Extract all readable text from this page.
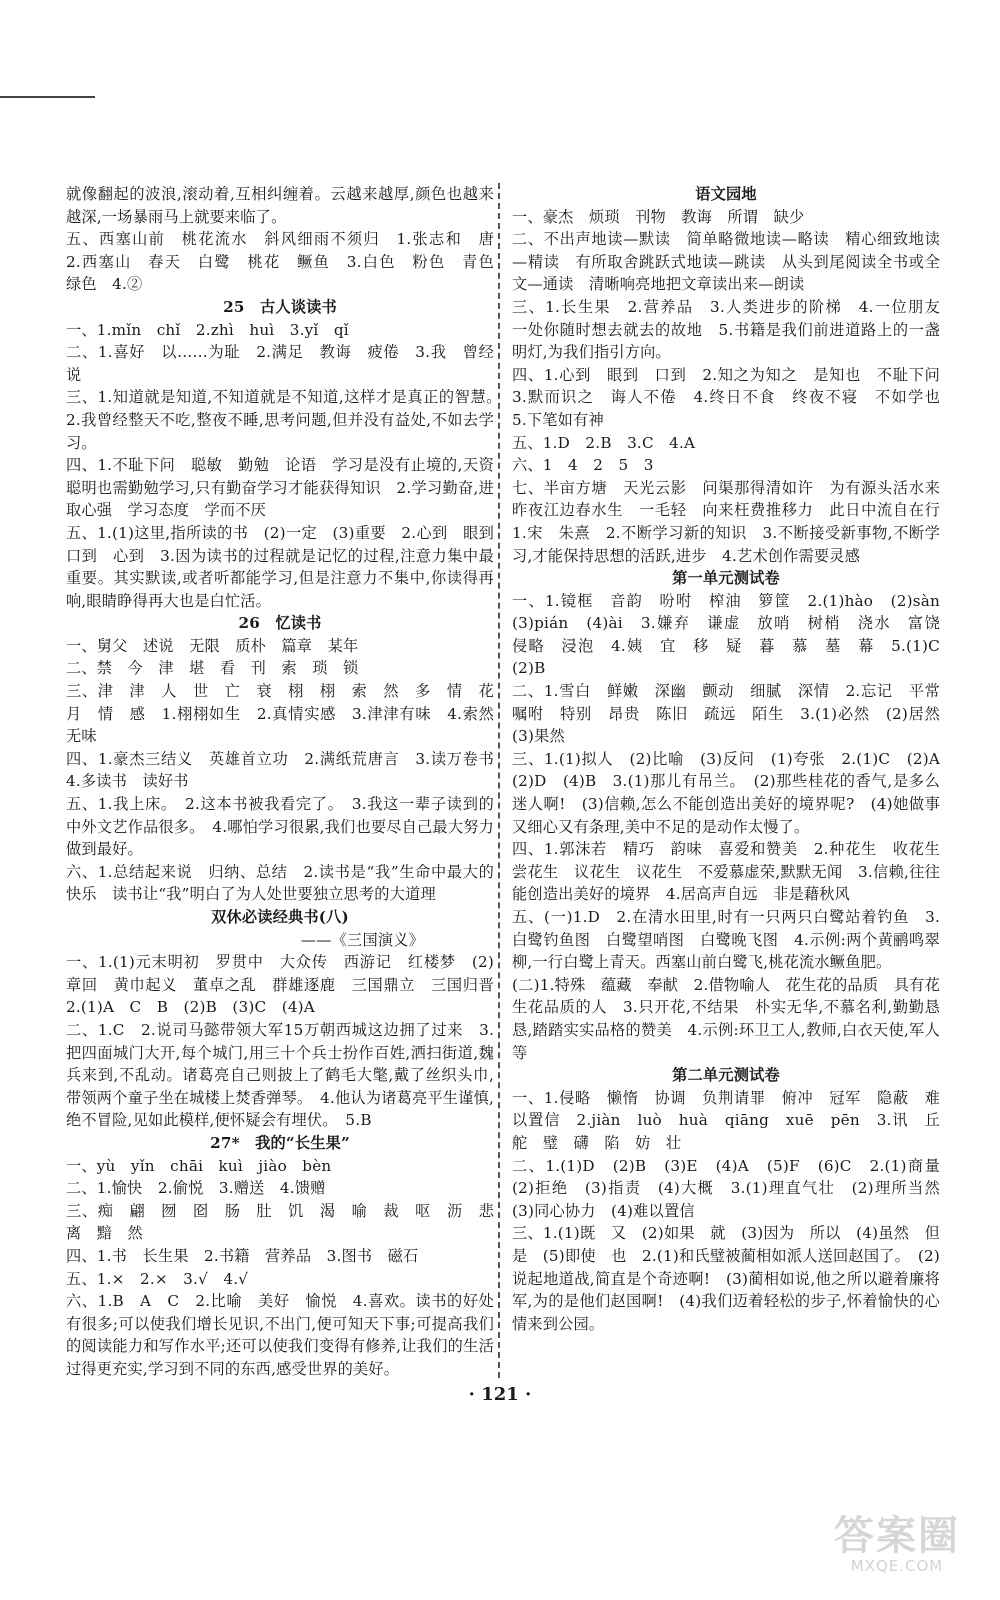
就像翻起的波浪,滚动着,互相纠缠着。云越来越厚,颜色也越来越深,一场暴雨马上就要来临了。

五、西塞山前　桃花流水　斜风细雨不须归　1.张志和　唐　2.西塞山　春天　白鹭　桃花　鳜鱼　3.白色　粉色　青色　绿色　4.②

25　古人谈读书

一、1.mǐn　chǐ　2.zhì　huì　3.yǐ　qǐ

二、1.喜好　以……为耻　2.满足　教诲　疲倦　3.我　曾经　说

三、1.知道就是知道,不知道就是不知道,这样才是真正的智慧。　2.我曾经整天不吃,整夜不睡,思考问题,但并没有益处,不如去学习。

四、1.不耻下问　聪敏　勤勉　论语　学习是没有止境的,天资聪明也需勤勉学习,只有勤奋学习才能获得知识　2.学习勤奋,进取心强　学习态度　学而不厌

五、1.(1)这里,指所读的书　(2)一定　(3)重要　2.心到　眼到　口到　心到　3.因为读书的过程就是记忆的过程,注意力集中最重要。其实默读,或者听都能学习,但是注意力不集中,你读得再响,眼睛睁得再大也是白忙活。

26　忆读书

一、舅父　述说　无限　质朴　篇章　某年

二、禁　今　津　堪　看　刊　索　琐　锁

三、津　津　人　世　亡　衰　栩　栩　索　然　多　情　花　月　情　感　1.栩栩如生　2.真情实感　3.津津有味　4.索然无味

四、1.豪杰三结义　英雄首立功　2.满纸荒唐言　3.读万卷书　4.多读书　读好书

五、1.我上床。　2.这本书被我看完了。　3.我这一辈子读到的中外文艺作品很多。　4.哪怕学习很累,我们也要尽自己最大努力做到最好。

六、1.总结起来说　归纳、总结　2.读书是“我”生命中最大的快乐　读书让“我”明白了为人处世要独立思考的大道理

双休必读经典书(八)

——《三国演义》

一、1.(1)元末明初　罗贯中　大众传　西游记　红楼梦　(2)章回　黄巾起义　董卓之乱　群雄逐鹿　三国鼎立　三国归晋　2.(1)A　C　B　(2)B　(3)C　(4)A

二、1.C　2.说司马懿带领大军15万朝西城这边拥了过来　3.把四面城门大开,每个城门,用三十个兵士扮作百姓,洒扫街道,魏兵来到,不乱动。诸葛亮自己则披上了鹤毛大氅,戴了丝织头巾,带领两个童子坐在城楼上焚香弹琴。　4.他认为诸葛亮平生谨慎,绝不冒险,见如此模样,便怀疑会有埋伏。　5.B

27*　我的“长生果”

一、yù　yǐn　chāi　kuì　jiào　bèn

二、1.愉快　2.偷悦　3.赠送　4.馈赠

三、痴　翩　囫　囵　肠　肚　饥　渴　喻　裁　呕　沥　悲　离　黯　然

四、1.书　长生果　2.书籍　营养品　3.图书　磁石

五、1.×　2.×　3.√　4.√

六、1.B　A　C　2.比喻　美好　愉悦　4.喜欢。读书的好处有很多;可以使我们增长见识,不出门,便可知天下事;可提高我们的阅读能力和写作水平;还可以使我们变得有修养,让我们的生活过得更充实,学习到不同的东西,感受世界的美好。

语文园地

一、豪杰　烦琐　刊物　教诲　所谓　缺少

二、不出声地读—默读　简单略微地读—略读　精心细致地读—精读　有所取舍跳跃式地读—跳读　从头到尾阅读全书或全文—通读　清晰响亮地把文章读出来—朗读

三、1.长生果　2.营养品　3.人类进步的阶梯　4.一位朋友　一处你随时想去就去的故地　5.书籍是我们前进道路上的一盏明灯,为我们指引方向。

四、1.心到　眼到　口到　2.知之为知之　是知也　不耻下问　3.默而识之　诲人不倦　4.终日不食　终夜不寝　不如学也　5.下笔如有神

五、1.D　2.B　3.C　4.A

六、1　4　2　5　3

七、半亩方塘　天光云影　问渠那得清如许　为有源头活水来　昨夜江边春水生　一毛轻　向来枉费推移力　此日中流自在行　1.宋　朱熹　2.不断学习新的知识　3.不断接受新事物,不断学习,才能保持思想的活跃,进步　4.艺术创作需要灵感

第一单元测试卷

一、1.镜框　音韵　吩咐　榨油　箩筐　2.(1)hào　(2)sàn　(3)pián　(4)ài　3.嫌弃　谦虚　放哨　树梢　浇水　富饶　侵略　浸泡　4.姨　宜　移　疑　暮　慕　墓　幕　5.(1)C　(2)B

二、1.雪白　鲜嫩　深幽　颤动　细腻　深情　2.忘记　平常　嘱咐　特别　昂贵　陈旧　疏远　陌生　3.(1)必然　(2)居然　(3)果然

三、1.(1)拟人　(2)比喻　(3)反问　(1)夸张　2.(1)C　(2)A　(2)D　(4)B　3.(1)那儿有吊兰。　(2)那些桂花的香气,是多么迷人啊!　(3)信赖,怎么不能创造出美好的境界呢?　(4)她做事又细心又有条理,美中不足的是动作太慢了。

四、1.郭沫若　精巧　韵味　喜爱和赞美　2.种花生　收花生　尝花生　议花生　议花生　不爱慕虚荣,默默无闻　3.信赖,往往能创造出美好的境界　4.居高声自远　非是藉秋风

五、(一)1.D　2.在清水田里,时有一只两只白鹭站着钓鱼　3.白鹭钓鱼图　白鹭望哨图　白鹭晚飞图　4.示例:两个黄鹂鸣翠柳,一行白鹭上青天。西塞山前白鹭飞,桃花流水鳜鱼肥。

(二)1.特殊　蕴藏　奉献　2.借物喻人　花生花的品质　具有花生花品质的人　3.只开花,不结果　朴实无华,不慕名利,勤勤恳恳,踏踏实实品格的赞美　4.示例:环卫工人,教师,白衣天使,军人等

第二单元测试卷

一、1.侵略　懒惰　协调　负荆请罪　俯冲　冠军　隐蔽　难以置信　2.jiàn　luò　huà　qiāng　xuē　pēn　3.讯　丘　舵　璧　礴　陷　妨　壮

二、1.(1)D　(2)B　(3)E　(4)A　(5)F　(6)C　2.(1)商量　(2)拒绝　(3)指责　(4)大概　3.(1)理直气壮　(2)理所当然　(3)同心协力　(4)难以置信

三、1.(1)既　又　(2)如果　就　(3)因为　所以　(4)虽然　但是　(5)即使　也　2.(1)和氏璧被蔺相如派人送回赵国了。　(2)说起地道战,简直是个奇迹啊!　(3)蔺相如说,他之所以避着廉将军,为的是他们赵国啊!　(4)我们迈着轻松的步子,怀着愉快的心情来到公园。

· 121 ·
答案圈
MXQE.COM
